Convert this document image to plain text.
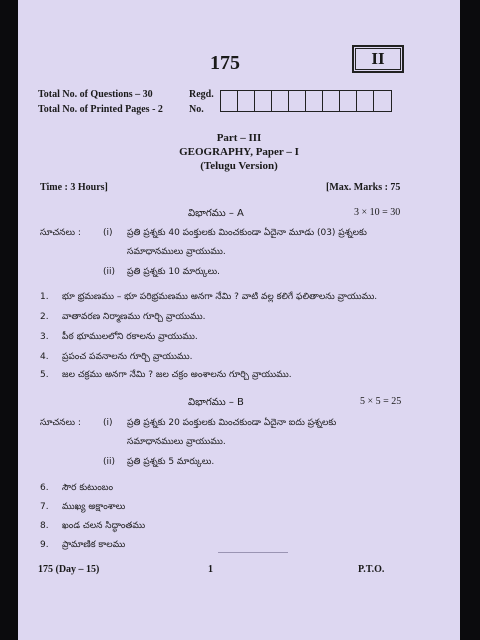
175	II
Total No. of Questions – 30
Total No. of Printed Pages - 2
Regd.
No.
Part – III
GEOGRAPHY, Paper – I
(Telugu Version)
Time : 3 Hours]	[Max. Marks : 75
విభాగము – A	3 × 10 = 30
సూచనలు : (i) ప్రతి ప్రశ్నకు 40 పంక్తులకు మించకుండా ఏదైనా మూడు (03) ప్రశ్నలకు
సమాధానములు వ్రాయుము.
(ii) ప్రతి ప్రశ్నకు 10 మార్కులు.
1. భూ భ్రమణము – భూ పరిభ్రమణము అనగా నేమి ? వాటి వల్ల కలిగే ఫలితాలను వ్రాయుము.
2. వాతావరణ నిర్మాణము గూర్చి వ్రాయుము.
3. పీఠ భూములలోని రకాలను వ్రాయుము.
4. ప్రపంచ పవనాలను గూర్చి వ్రాయుము.
5. జల చక్రము అనగా నేమి ? జల చక్రం అంశాలను గూర్చి వ్రాయుము.
విభాగము – B	5 × 5 = 25
సూచనలు : (i) ప్రతి ప్రశ్నకు 20 పంక్తులకు మించకుండా ఏదైనా ఐదు ప్రశ్నలకు
సమాధానములు వ్రాయుము.
(ii) ప్రతి ప్రశ్నకు 5 మార్కులు.
6. సౌర కుటుంబం
7. ముఖ్య అక్షాంశాలు
8. ఖండ చలన సిద్ధాంతము
9. ప్రామాణిక కాలము
175 (Day – 15)	1	P.T.O.
